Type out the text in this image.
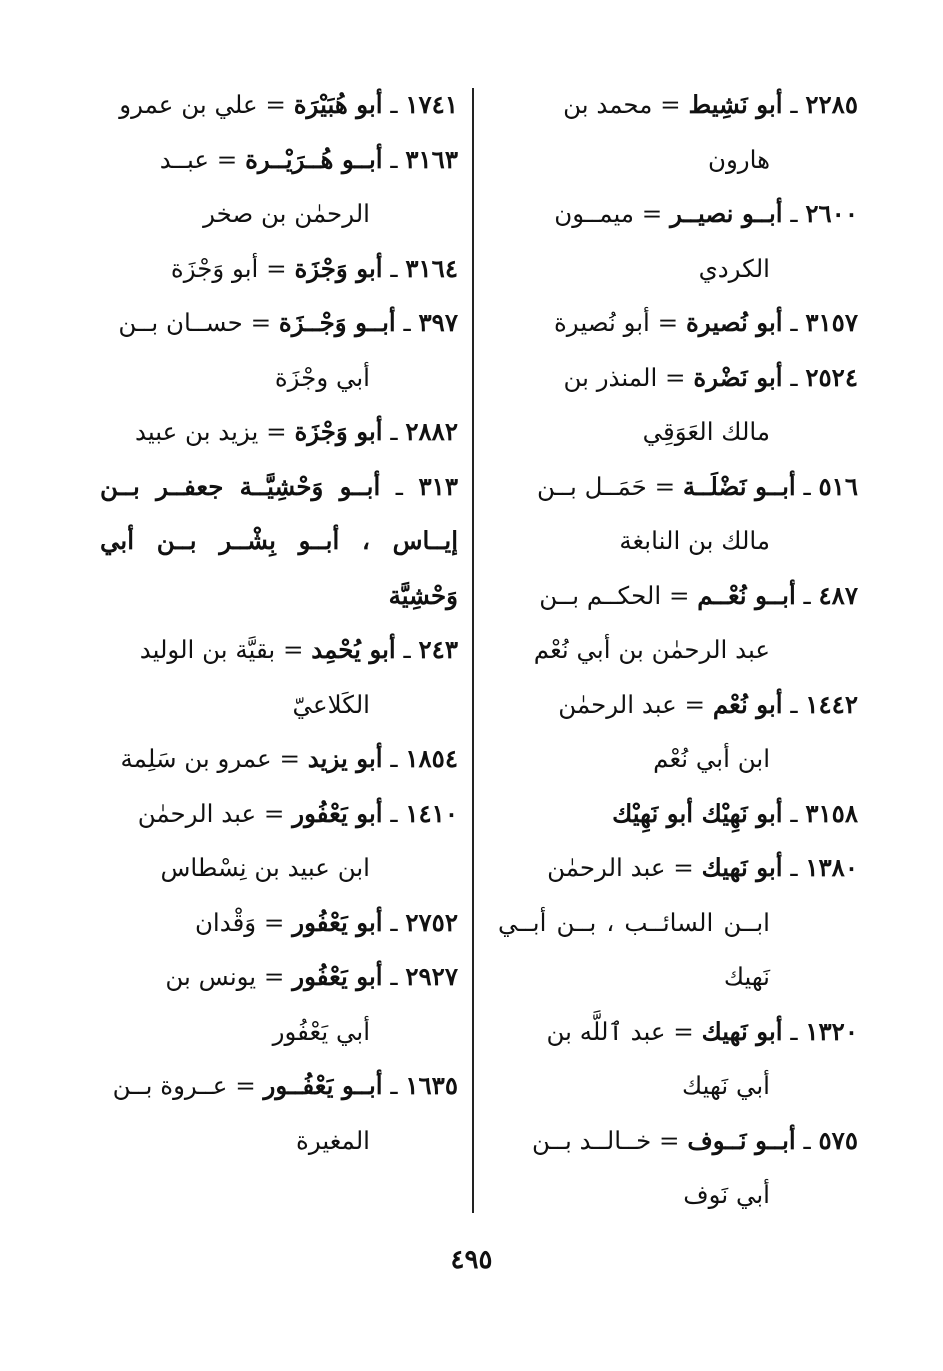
٢٢٨٥ ـ أبو نَشِيط = محمد بن
هارون

٢٦٠٠ ـ أبــو نصيــر = ميمــون
الكردي

٣١٥٧ ـ أبو نُصيرة = أبو نُصيرة

٢٥٢٤ ـ أبو نَضْرة = المنذر بن
مالك العَوَقِي

٥١٦ ـ أبــو نَضْلَــة = حَمَــل بــن
مالك بن النابغة

٤٨٧ ـ أبــو نُعْــم = الحكــم بــن
عبد الرحمٰن بن أبي نُعْم

١٤٤٢ ـ أبو نُعْم = عبد الرحمٰن
ابن أبي نُعْم

٣١٥٨ ـ أبو نَهِيْك أبو نَهِيْك

١٣٨٠ ـ أبو نَهيك = عبد الرحمٰن
ابــن السائــب ، بــن أبــي نَهيك

١٣٢٠ ـ أبو نَهيك = عبد ٱللَّه بن
أبي نَهيك

٥٧٥ ـ أبــو نَــوف = خــالــد بــن
أبي نَوف

١٧٤١ ـ أبو هُبَيْرَة = علي بن عمرو

٣١٦٣ ـ أبــو هُــرَيْــرة = عبــد
الرحمٰن بن صخر

٣١٦٤ ـ أبو وَجْزَة = أبو وَجْزَة

٣٩٧ ـ أبــو وَجْــزَة = حســان بــن
أبي وجْزَة

٢٨٨٢ ـ أبو وَجْزَة = يزيد بن عبيد

٣١٣ ـ أبــو وَحْشِيَّــة جعفــر بــن إيــاس ، أبــو بِشْــر بــن أبي وَحْشِيَّة

٢٤٣ ـ أبو يُحْمِد = بقيَّة بن الوليد
الكَلاعيّ

١٨٥٤ ـ أبو يزيد = عمرو بن سَلِمة

١٤١٠ ـ أبو يَعْفُور = عبد الرحمٰن
ابن عبيد بن نِسْطاس

٢٧٥٢ ـ أبو يَعْفُور = وَقْدان

٢٩٢٧ ـ أبو يَعْفُور = يونس بن
أبي يَعْفُور

١٦٣٥ ـ أبــو يَعْفُــور = عــروة بــن
المغيرة

٤٩٥
